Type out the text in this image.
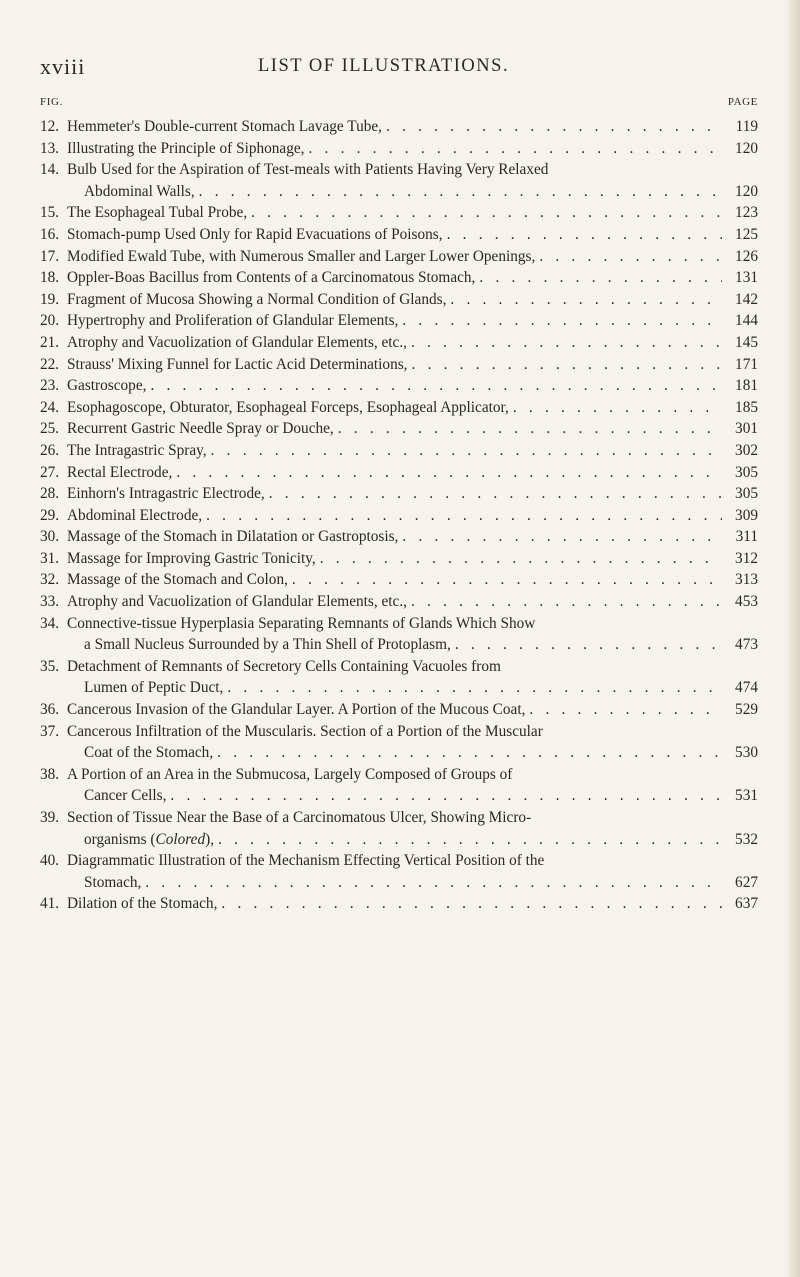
xviii	LIST OF ILLUSTRATIONS.
FIG.	PAGE
12. Hemmeter's Double-current Stomach Lavage Tube, . . .	119
13. Illustrating the Principle of Siphonage, . . .	120
14. Bulb Used for the Aspiration of Test-meals with Patients Having Very Relaxed
Abdominal Walls, . . .	120
15. The Esophageal Tubal Probe, . . .	123
16. Stomach-pump Used Only for Rapid Evacuations of Poisons, . . .	125
17. Modified Ewald Tube, with Numerous Smaller and Larger Lower Openings, . . .	126
18. Oppler-Boas Bacillus from Contents of a Carcinomatous Stomach, . . .	131
19. Fragment of Mucosa Showing a Normal Condition of Glands, . . .	142
20. Hypertrophy and Proliferation of Glandular Elements, . . .	144
21. Atrophy and Vacuolization of Glandular Elements, etc., . . .	145
22. Strauss' Mixing Funnel for Lactic Acid Determinations, . . .	171
23. Gastroscope, . . .	181
24. Esophagoscope, Obturator, Esophageal Forceps, Esophageal Applicator, . . .	185
25. Recurrent Gastric Needle Spray or Douche, . . .	301
26. The Intragastric Spray, . . .	302
27. Rectal Electrode, . . .	305
28. Einhorn's Intragastric Electrode, . . .	305
29. Abdominal Electrode, . . .	309
30. Massage of the Stomach in Dilatation or Gastroptosis, . . .	311
31. Massage for Improving Gastric Tonicity, . . .	312
32. Massage of the Stomach and Colon, . . .	313
33. Atrophy and Vacuolization of Glandular Elements, etc., . . .	453
34. Connective-tissue Hyperplasia Separating Remnants of Glands Which Show
a Small Nucleus Surrounded by a Thin Shell of Protoplasm, . . .	473
35. Detachment of Remnants of Secretory Cells Containing Vacuoles from
Lumen of Peptic Duct, . . .	474
36. Cancerous Invasion of the Glandular Layer. A Portion of the Mucous Coat, . . .	529
37. Cancerous Infiltration of the Muscularis. Section of a Portion of the Muscular
Coat of the Stomach, . . .	530
38. A Portion of an Area in the Submucosa, Largely Composed of Groups of
Cancer Cells, . . .	531
39. Section of Tissue Near the Base of a Carcinomatous Ulcer, Showing Micro-
organisms (Colored), . . .	532
40. Diagrammatic Illustration of the Mechanism Effecting Vertical Position of the
Stomach, . . .	627
41. Dilation of the Stomach, . . .	637
